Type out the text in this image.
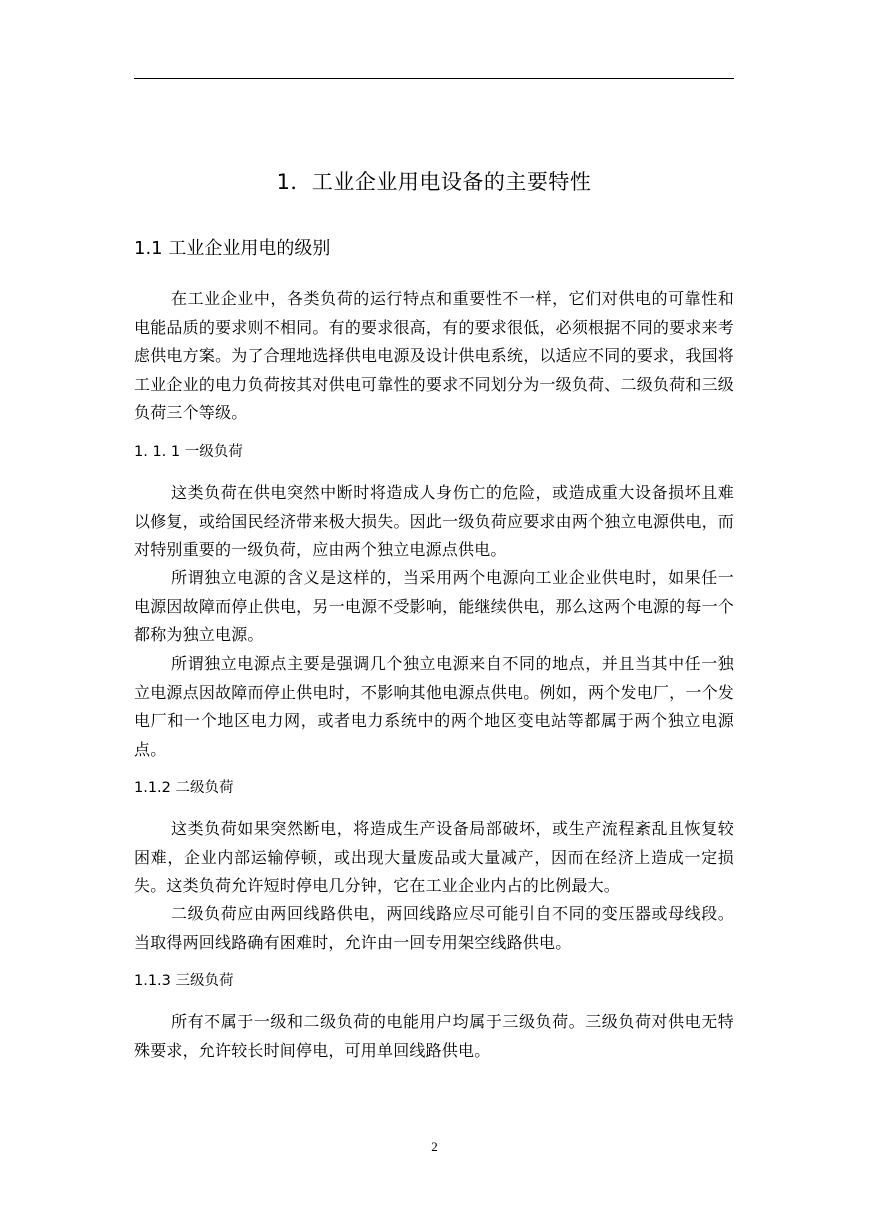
1．工业企业用电设备的主要特性
1.1 工业企业用电的级别

在工业企业中，各类负荷的运行特点和重要性不一样，它们对供电的可靠性和电能品质的要求则不相同。有的要求很高，有的要求很低，必须根据不同的要求来考虑供电方案。为了合理地选择供电电源及设计供电系统，以适应不同的要求，我国将工业企业的电力负荷按其对供电可靠性的要求不同划分为一级负荷、二级负荷和三级负荷三个等级。

1. 1. 1 一级负荷

这类负荷在供电突然中断时将造成人身伤亡的危险，或造成重大设备损坏且难以修复，或给国民经济带来极大损失。因此一级负荷应要求由两个独立电源供电，而对特别重要的一级负荷，应由两个独立电源点供电。

所谓独立电源的含义是这样的，当采用两个电源向工业企业供电时，如果任一电源因故障而停止供电，另一电源不受影响，能继续供电，那么这两个电源的每一个都称为独立电源。

所谓独立电源点主要是强调几个独立电源来自不同的地点，并且当其中任一独立电源点因故障而停止供电时，不影响其他电源点供电。例如，两个发电厂，一个发电厂和一个地区电力网，或者电力系统中的两个地区变电站等都属于两个独立电源点。

1.1.2 二级负荷

这类负荷如果突然断电，将造成生产设备局部破坏，或生产流程紊乱且恢复较困难，企业内部运输停顿，或出现大量废品或大量减产，因而在经济上造成一定损失。这类负荷允许短时停电几分钟，它在工业企业内占的比例最大。

二级负荷应由两回线路供电，两回线路应尽可能引自不同的变压器或母线段。当取得两回线路确有困难时，允许由一回专用架空线路供电。

1.1.3 三级负荷

所有不属于一级和二级负荷的电能用户均属于三级负荷。三级负荷对供电无特殊要求，允许较长时间停电，可用单回线路供电。

2
